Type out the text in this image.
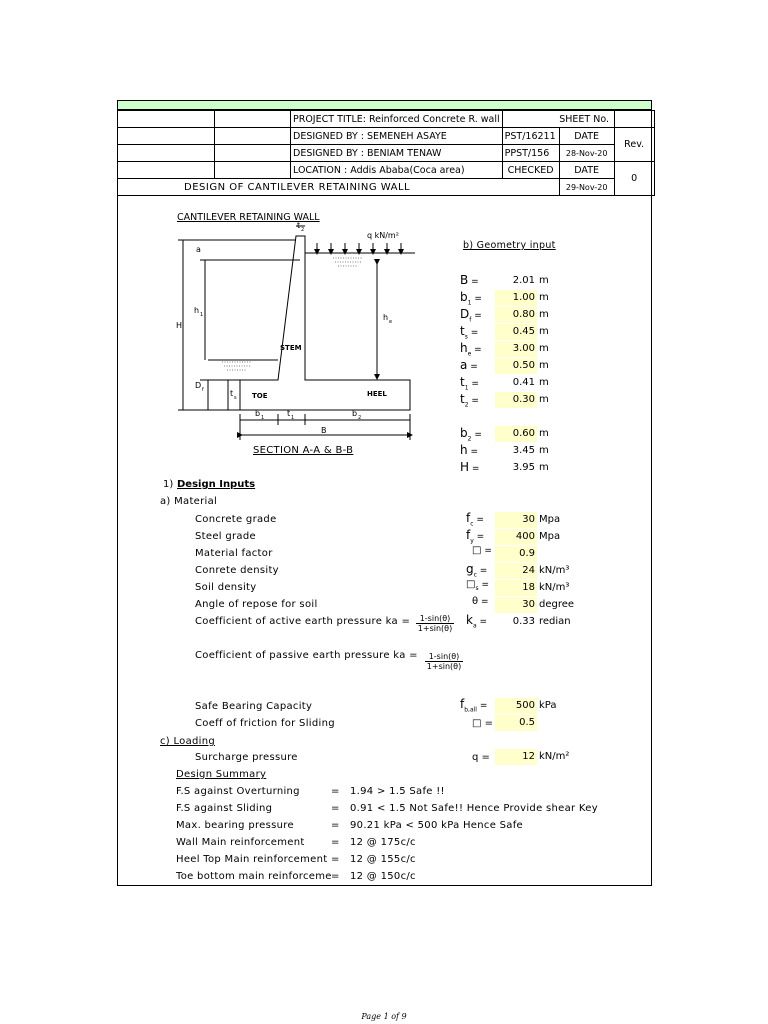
		PROJECT TITLE: Reinforced Concrete R. wall	SHEET No.		
		DESIGNED BY : SEMENEH ASAYE	PST/16211	DATE	Rev.
		DESIGNED BY : BENIAM TENAW	PPST/156	28-Nov-20	
		LOCATION : Addis Ababa(Coca area)	CHECKED	DATE	0
DESIGN OF CANTILEVER RETAINING WALL				29-Nov-20	
CANTILEVER RETAINING WALL
q kN/m²
a
H
h 1	h e
STEM
TOE	HEEL
D f	t s
t 2
b 1	t 1	b 2
B
SECTION A-A & B-B
b) Geometry input
B =	2.01 m
$b_1$ =	1.00 m
$D_f$ =	0.80 m
$t_s$ =	0.45 m
$h_e$ =	3.00 m
a =	0.50 m
$t_1$ =	0.41 m
$t_2$ =	0.30 m
$b_2$ =	0.60 m
h =	3.45 m
H =	3.95 m
1) Design Inputs
a) Material
Concrete grade	$f_c$ =	30 Mpa
Steel grade	$f_y$ =	400 Mpa
Material factor	□ =	0.9
Conrete density	$g_c$ =	24 kN/m³
Soil density	$□_s$ =	18 kN/m³
Angle of repose for soil	θ =	30 degree
Coefficient of active earth pressure ka =	$k_a$ =	0.33 redian
1-sin(θ)
1+sin(θ)
Coefficient of passive earth pressure ka =	1-sin(θ)
1+sin(θ)
Safe Bearing Capacity	$f_{b,all}$ =	500 kPa
Coeff of friction for Sliding	□ =	0.5
c) Loading
Surcharge pressure	q =	12 kN/m²
Design Summary
F.S against Overturning	= 1.94 > 1.5 Safe !!
F.S against Sliding	= 0.91 < 1.5 Not Safe!! Hence Provide shear Key
Max. bearing pressure	= 90.21 kPa < 500 kPa Hence Safe
Wall Main reinforcement	= 12 @ 175c/c
Heel Top Main reinforcement = 12 @ 155c/c
Toe bottom main reinforceme = 12 @ 150c/c
Page 1 of 9
